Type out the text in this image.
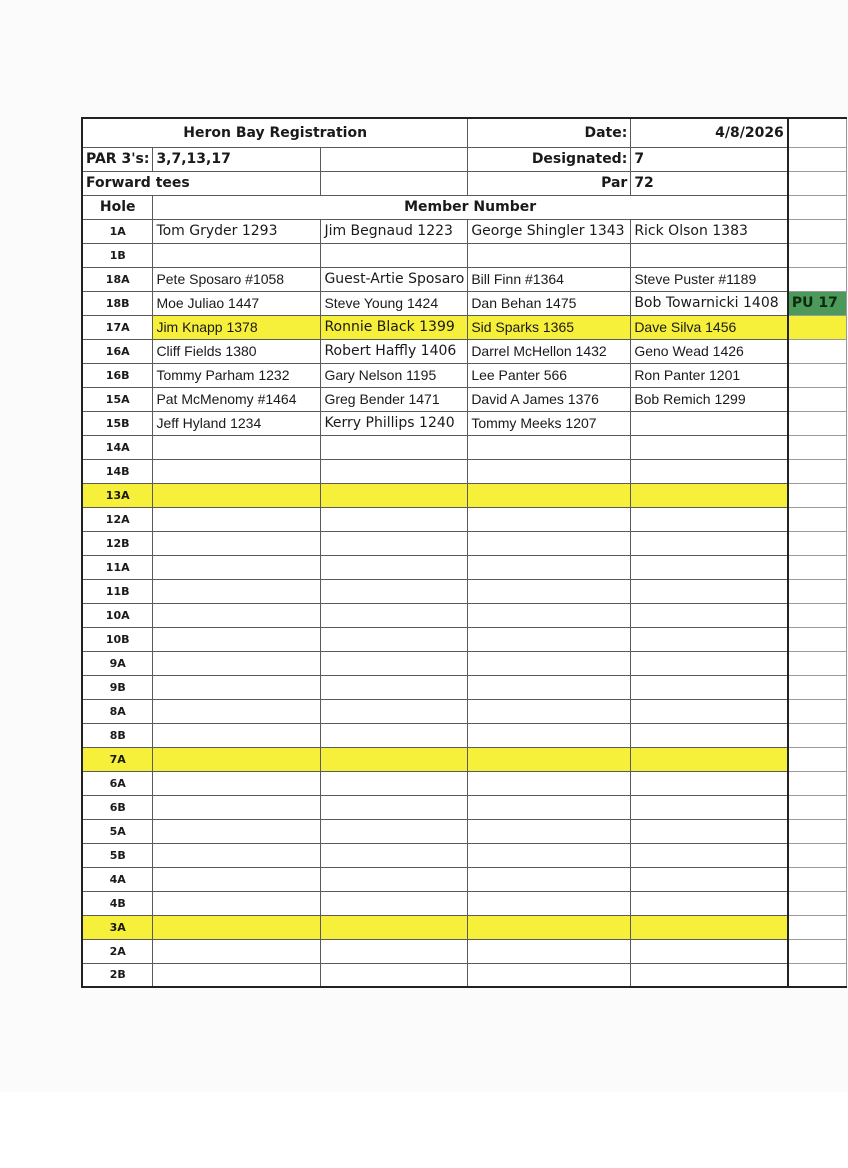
Heron Bay Registration			Date:	4/8/2026	
PAR 3's:	3,7,13,17		Designated:	7	
Forward tees			Par	72	
Hole	Member Number				
1A	Tom Gryder 1293	Jim Begnaud 1223	George Shingler 1343	Rick Olson 1383	
1B					
18A	Pete Sposaro #1058	Guest-Artie Sposaro	Bill Finn #1364	Steve Puster #1189	
18B	Moe Juliao 1447	Steve Young 1424	Dan Behan 1475	Bob Towarnicki 1408	PU 17
17A	Jim Knapp 1378	Ronnie Black 1399	Sid Sparks 1365	Dave Silva 1456	
16A	Cliff Fields 1380	Robert Haffly 1406	Darrel McHellon 1432	Geno Wead 1426	
16B	Tommy Parham 1232	Gary Nelson 1195	Lee Panter 566	Ron Panter 1201	
15A	Pat McMenomy #1464	Greg Bender 1471	David A James 1376	Bob Remich 1299	
15B	Jeff Hyland 1234	Kerry Phillips 1240	Tommy Meeks 1207		
14A					
14B					
13A					
12A					
12B					
11A					
11B					
10A					
10B					
9A					
9B					
8A					
8B					
7A					
6A					
6B					
5A					
5B					
4A					
4B					
3A					
2A					
2B					
